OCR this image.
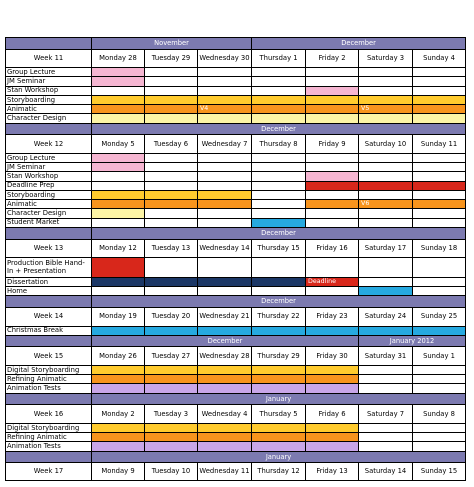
	November			December			
Week 11	Monday 28	Tuesday 29	Wednesday 30	Thursday 1	Friday 2	Saturday 3	Sunday 4
Group Lecture							
JM Seminar							
Stan Workshop							
Storyboarding							
Animatic			V4			V5	
Character Design							
	December						
Week 12	Monday 5	Tuesday 6	Wednesday 7	Thursday 8	Friday 9	Saturday 10	Sunday 11
Group Lecture							
JM Seminar							
Stan Workshop							
Deadline Prep							
Storyboarding							
Animatic						V6	
Character Design							
Student Market							
	December						
Week 13	Monday 12	Tuesday 13	Wednesday 14	Thursday 15	Friday 16	Saturday 17	Sunday 18
Production Bible Hand-In + Presentation							
Dissertation					Deadline		
Home							
	December						
Week 14	Monday 19	Tuesday 20	Wednesday 21	Thursday 22	Friday 23	Saturday 24	Sunday 25
Christmas Break							
	December					January 2012	
Week 15	Monday 26	Tuesday 27	Wednesday 28	Thursday 29	Friday 30	Saturday 31	Sunday 1
Digital Storyboarding							
Refining Animatic							
Animation Tests							
	January						
Week 16	Monday 2	Tuesday 3	Wednesday 4	Thursday 5	Friday 6	Saturday 7	Sunday 8
Digital Storyboarding							
Refining Animatic							
Animation Tests							
	January						
Week 17	Monday 9	Tuesday 10	Wednesday 11	Thursday 12	Friday 13	Saturday 14	Sunday 15
